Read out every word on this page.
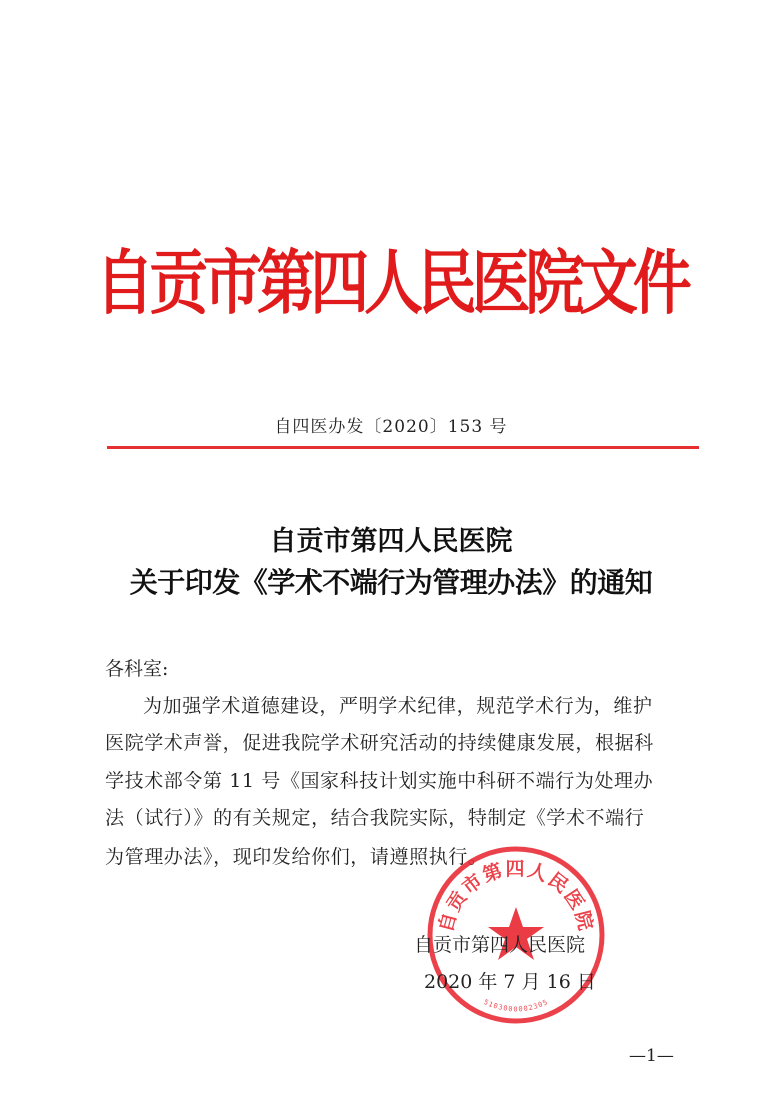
自贡市第四人民医院文件
自四医办发〔2020〕153 号
自贡市第四人民医院
关于印发《学术不端行为管理办法》的通知
各科室:
为加强学术道德建设，严明学术纪律，规范学术行为，维护
医院学术声誉，促进我院学术研究活动的持续健康发展，根据科
学技术部令第 11 号《国家科技计划实施中科研不端行为处理办
法（试行）》的有关规定，结合我院实际，特制定《学术不端行
为管理办法》，现印发给你们，请遵照执行。
自贡市第四人民医院
5103000002305
自贡市第四人民医院
2020 年 7 月 16 日
—1—
